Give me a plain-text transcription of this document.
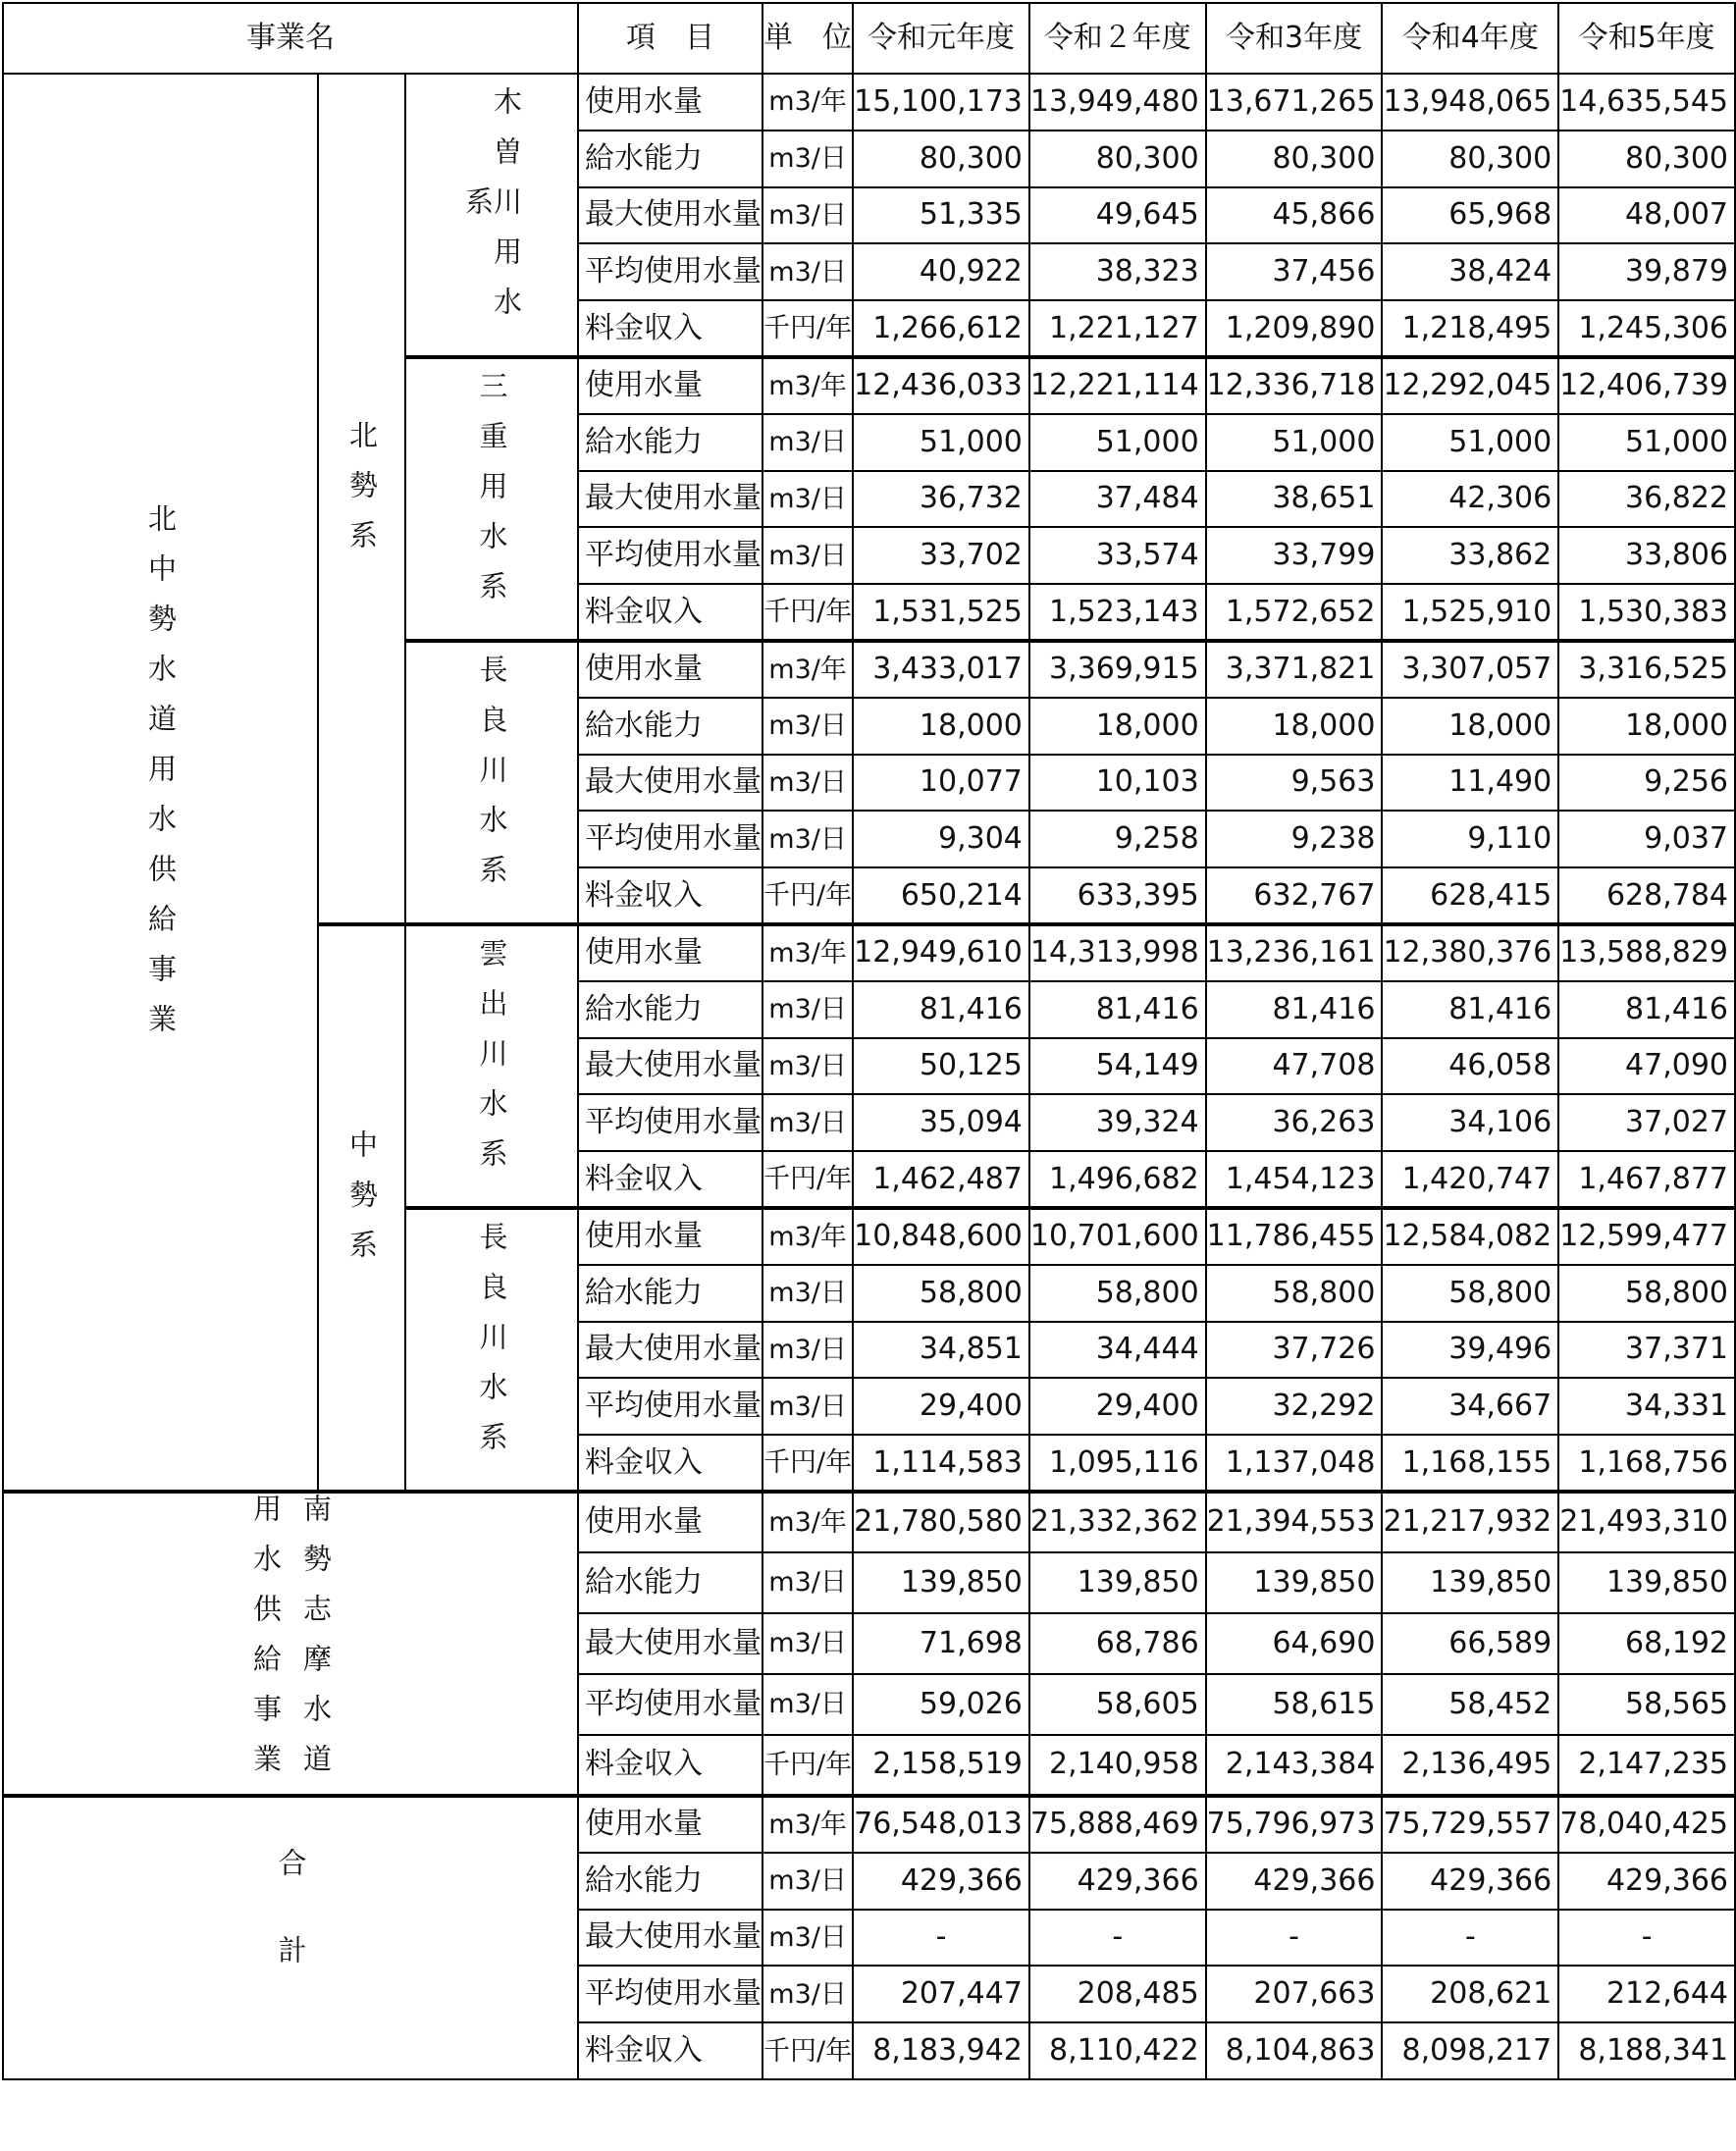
事業名			項　目	単　位	令和元年度	令和２年度	令和3年度	令和4年度	令和5年度
北中勢水道用水供給事業	北勢系	木曽川用水系	使用水量	m3/年	15,100,173	13,949,480	13,671,265	13,948,065	14,635,545
			給水能力	m3/日	80,300	80,300	80,300	80,300	80,300
			最大使用水量	m3/日	51,335	49,645	45,866	65,968	48,007
			平均使用水量	m3/日	40,922	38,323	37,456	38,424	39,879
			料金収入	千円/年	1,266,612	1,221,127	1,209,890	1,218,495	1,245,306
		三重用水系	使用水量	m3/年	12,436,033	12,221,114	12,336,718	12,292,045	12,406,739
			給水能力	m3/日	51,000	51,000	51,000	51,000	51,000
			最大使用水量	m3/日	36,732	37,484	38,651	42,306	36,822
			平均使用水量	m3/日	33,702	33,574	33,799	33,862	33,806
			料金収入	千円/年	1,531,525	1,523,143	1,572,652	1,525,910	1,530,383
		長良川水系	使用水量	m3/年	3,433,017	3,369,915	3,371,821	3,307,057	3,316,525
			給水能力	m3/日	18,000	18,000	18,000	18,000	18,000
			最大使用水量	m3/日	10,077	10,103	9,563	11,490	9,256
			平均使用水量	m3/日	9,304	9,258	9,238	9,110	9,037
			料金収入	千円/年	650,214	633,395	632,767	628,415	628,784
	中勢系	雲出川水系	使用水量	m3/年	12,949,610	14,313,998	13,236,161	12,380,376	13,588,829
			給水能力	m3/日	81,416	81,416	81,416	81,416	81,416
			最大使用水量	m3/日	50,125	54,149	47,708	46,058	47,090
			平均使用水量	m3/日	35,094	39,324	36,263	34,106	37,027
			料金収入	千円/年	1,462,487	1,496,682	1,454,123	1,420,747	1,467,877
		長良川水系	使用水量	m3/年	10,848,600	10,701,600	11,786,455	12,584,082	12,599,477
			給水能力	m3/日	58,800	58,800	58,800	58,800	58,800
			最大使用水量	m3/日	34,851	34,444	37,726	39,496	37,371
			平均使用水量	m3/日	29,400	29,400	32,292	34,667	34,331
			料金収入	千円/年	1,114,583	1,095,116	1,137,048	1,168,155	1,168,756

用水供給事業 南勢志摩水道			使用水量	m3/年	21,780,580	21,332,362	21,394,553	21,217,932	21,493,310
			給水能力	m3/日	139,850	139,850	139,850	139,850	139,850
			最大使用水量	m3/日	71,698	68,786	64,690	66,589	68,192
			平均使用水量	m3/日	59,026	58,605	58,615	58,452	58,565
			料金収入	千円/年	2,158,519	2,140,958	2,143,384	2,136,495	2,147,235
合計			使用水量	m3/年	76,548,013	75,888,469	75,796,973	75,729,557	78,040,425
			給水能力	m3/日	429,366	429,366	429,366	429,366	429,366
			最大使用水量	m3/日	-	-	-	-	-
			平均使用水量	m3/日	207,447	208,485	207,663	208,621	212,644
			料金収入	千円/年	8,183,942	8,110,422	8,104,863	8,098,217	8,188,341
